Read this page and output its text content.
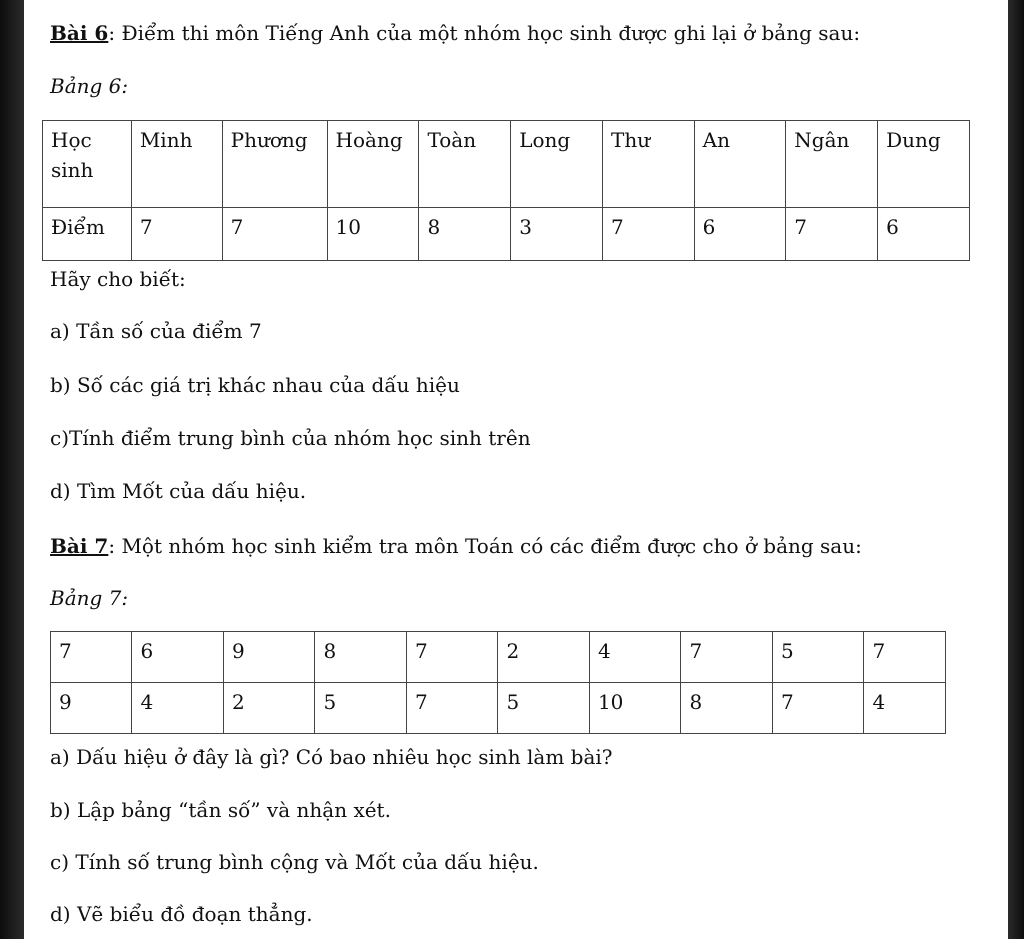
Bài 6: Điểm thi môn Tiếng Anh của một nhóm học sinh được ghi lại ở bảng sau:
Bảng 6:
Học sinh	Minh	Phương	Hoàng	Toàn	Long	Thư	An	Ngân	Dung
Điểm	7	7	10	8	3	7	6	7	6
Hãy cho biết:
a) Tần số của điểm 7
b) Số các giá trị khác nhau của dấu hiệu
c)Tính điểm trung bình của nhóm học sinh trên
d) Tìm Mốt của dấu hiệu.
Bài 7: Một nhóm học sinh kiểm tra môn Toán có các điểm được cho ở bảng sau:
Bảng 7:
7	6	9	8	7	2	4	7	5	7
9	4	2	5	7	5	10	8	7	4
a) Dấu hiệu ở đây là gì? Có bao nhiêu học sinh làm bài?
b) Lập bảng “tần số” và nhận xét.
c) Tính số trung bình cộng và Mốt của dấu hiệu.
d) Vẽ biểu đồ đoạn thẳng.
